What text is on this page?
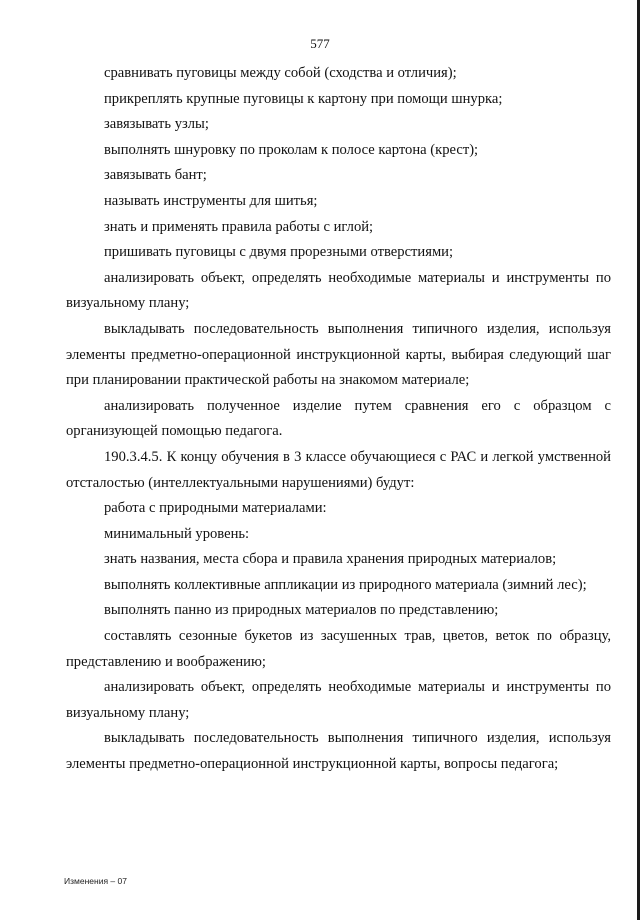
577

сравнивать пуговицы между собой (сходства и отличия);

прикреплять крупные пуговицы к картону при помощи шнурка;

завязывать узлы;

выполнять шнуровку по проколам к полосе картона (крест);

завязывать бант;

называть инструменты для шитья;

знать и применять правила работы с иглой;

пришивать пуговицы с двумя прорезными отверстиями;

анализировать объект, определять необходимые материалы и инструменты по визуальному плану;

выкладывать последовательность выполнения типичного изделия, используя элементы предметно-операционной инструкционной карты, выбирая следующий шаг при планировании практической работы на знакомом материале;

анализировать полученное изделие путем сравнения его с образцом с организующей помощью педагога.

190.3.4.5. К концу обучения в 3 классе обучающиеся с РАС и легкой умственной отсталостью (интеллектуальными нарушениями) будут:

работа с природными материалами:

минимальный уровень:

знать названия, места сбора и правила хранения природных материалов;

выполнять коллективные аппликации из природного материала (зимний лес);

выполнять панно из природных материалов по представлению;

составлять сезонные букетов из засушенных трав, цветов, веток по образцу, представлению и воображению;

анализировать объект, определять необходимые материалы и инструменты по визуальному плану;

выкладывать последовательность выполнения типичного изделия, используя элементы предметно-операционной инструкционной карты, вопросы педагога;

Изменения – 07
